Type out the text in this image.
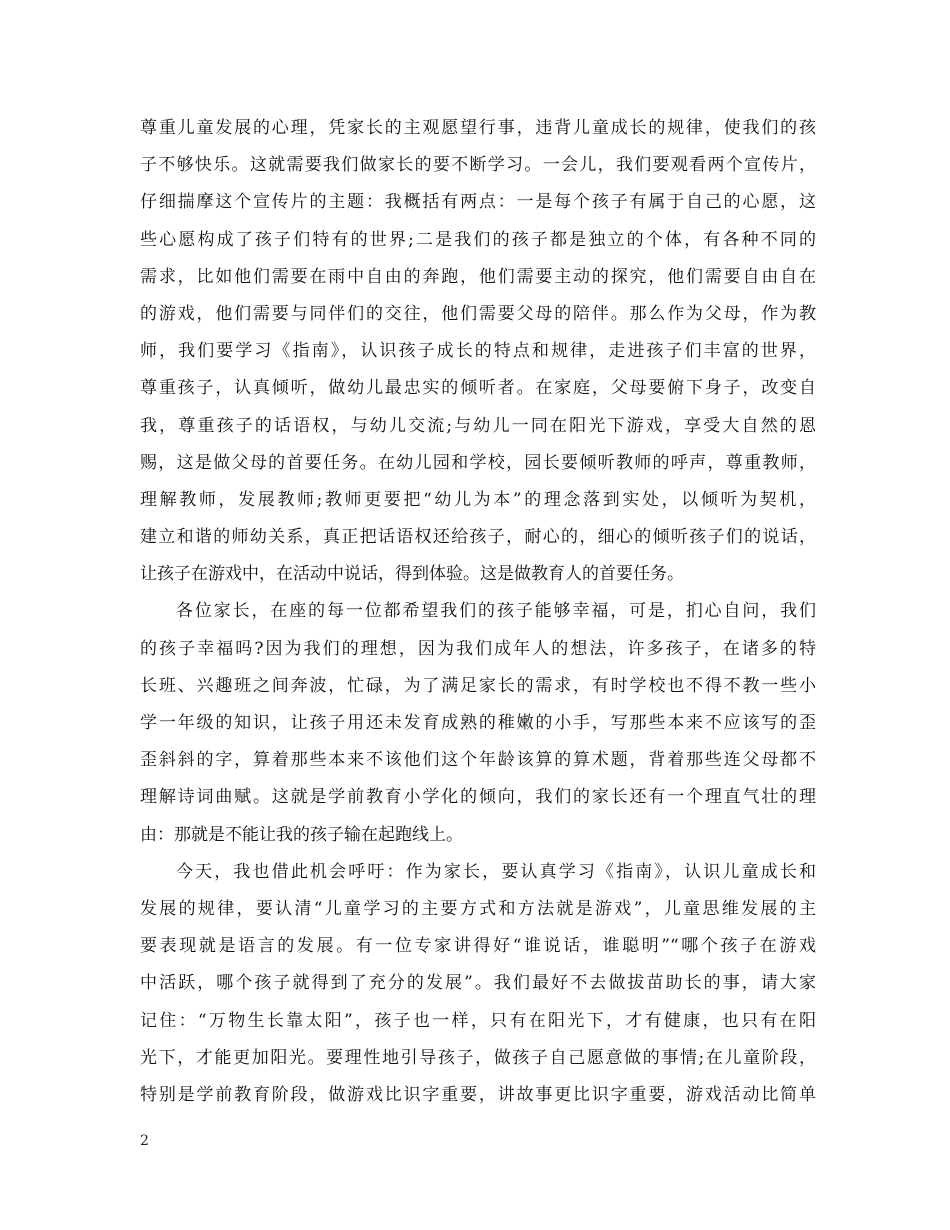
尊重儿童发展的心理，凭家长的主观愿望行事，违背儿童成长的规律，使我们的孩
子不够快乐。这就需要我们做家长的要不断学习。一会儿，我们要观看两个宣传片，
仔细揣摩这个宣传片的主题：我概括有两点：一是每个孩子有属于自己的心愿，这
些心愿构成了孩子们特有的世界;二是我们的孩子都是独立的个体，有各种不同的
需求，比如他们需要在雨中自由的奔跑，他们需要主动的探究，他们需要自由自在
的游戏，他们需要与同伴们的交往，他们需要父母的陪伴。那么作为父母，作为教
师，我们要学习《指南》，认识孩子成长的特点和规律，走进孩子们丰富的世界，
尊重孩子，认真倾听，做幼儿最忠实的倾听者。在家庭，父母要俯下身子，改变自
我，尊重孩子的话语权，与幼儿交流;与幼儿一同在阳光下游戏，享受大自然的恩
赐，这是做父母的首要任务。在幼儿园和学校，园长要倾听教师的呼声，尊重教师，
理解教师，发展教师;教师更要把“幼儿为本”的理念落到实处，以倾听为契机，
建立和谐的师幼关系，真正把话语权还给孩子，耐心的，细心的倾听孩子们的说话，
让孩子在游戏中，在活动中说话，得到体验。这是做教育人的首要任务。
各位家长，在座的每一位都希望我们的孩子能够幸福，可是，扪心自问，我们
的孩子幸福吗?因为我们的理想，因为我们成年人的想法，许多孩子，在诸多的特
长班、兴趣班之间奔波，忙碌，为了满足家长的需求，有时学校也不得不教一些小
学一年级的知识，让孩子用还未发育成熟的稚嫩的小手，写那些本来不应该写的歪
歪斜斜的字，算着那些本来不该他们这个年龄该算的算术题，背着那些连父母都不
理解诗词曲赋。这就是学前教育小学化的倾向，我们的家长还有一个理直气壮的理
由：那就是不能让我的孩子输在起跑线上。
今天，我也借此机会呼吁：作为家长，要认真学习《指南》，认识儿童成长和
发展的规律，要认清“儿童学习的主要方式和方法就是游戏”，儿童思维发展的主
要表现就是语言的发展。有一位专家讲得好“谁说话，谁聪明”“哪个孩子在游戏
中活跃，哪个孩子就得到了充分的发展”。我们最好不去做拔苗助长的事，请大家
记住：“万物生长靠太阳”，孩子也一样，只有在阳光下，才有健康，也只有在阳
光下，才能更加阳光。要理性地引导孩子，做孩子自己愿意做的事情;在儿童阶段，
特别是学前教育阶段，做游戏比识字重要，讲故事更比识字重要，游戏活动比简单
2
